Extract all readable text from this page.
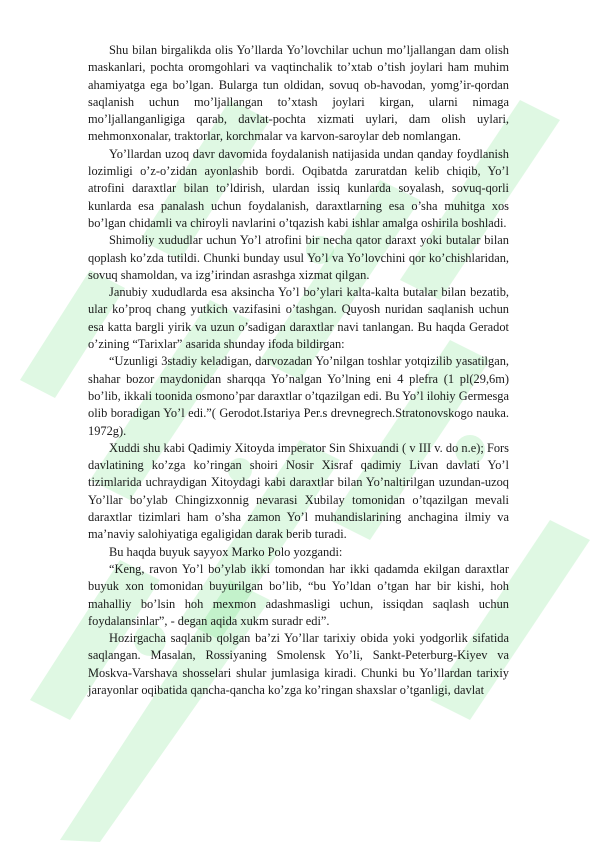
Shu bilan birgalikda olis Yo’llarda Yo’lovchilar uchun mo’ljallangan dam olish maskanlari, pochta oromgohlari va vaqtinchalik to’xtab o’tish joylari ham muhim ahamiyatga ega bo’lgan. Bularga tun oldidan, sovuq ob-havodan, yomg’ir-qordan saqlanish uchun mo’ljallangan to’xtash joylari kirgan, ularni nimaga mo’ljallanganligiga qarab, davlat-pochta xizmati uylari, dam olish uylari, mehmonxonalar, traktorlar, korchmalar va karvon-saroylar deb nomlangan.

Yo’llardan uzoq davr davomida foydalanish natijasida undan qanday foydlanish lozimligi o’z-o’zidan ayonlashib bordi. Oqibatda zaruratdan kelib chiqib, Yo’l atrofini daraxtlar bilan to’ldirish, ulardan issiq kunlarda soyalash, sovuq-qorli kunlarda esa panalash uchun foydalanish, daraxtlarning esa o’sha muhitga xos bo’lgan chidamli va chiroyli navlarini o’tqazish kabi ishlar amalga oshirila boshladi.

Shimoliy xududlar uchun Yo’l atrofini bir necha qator daraxt yoki butalar bilan qoplash ko’zda tutildi. Chunki bunday usul Yo’l va Yo’lovchini qor ko’chishlaridan, sovuq shamoldan, va izg’irindan asrashga xizmat qilgan.

Janubiy xududlarda esa aksincha Yo’l bo’ylari kalta-kalta butalar bilan bezatib, ular ko’proq chang yutkich vazifasini o’tashgan. Quyosh nuridan saqlanish uchun esa katta bargli yirik va uzun o’sadigan daraxtlar navi tanlangan. Bu haqda Geradot o’zining “Tarixlar” asarida shunday ifoda bildirgan:

“Uzunligi 3stadiy keladigan, darvozadan Yo’nilgan toshlar yotqizilib yasatilgan, shahar bozor maydonidan sharqqa Yo’nalgan Yo’lning eni 4 plefra (1 pl(29,6m) bo’lib, ikkali toonida osmono’par daraxtlar o’tqazilgan edi. Bu Yo’l ilohiy Germesga olib boradigan Yo’l edi.”( Gerodot.Istariya Per.s drevnegrech.Stratonovskogo nauka. 1972g).

Xuddi shu kabi Qadimiy Xitoyda imperator Sin Shixuandi ( v III v. do n.e); Fors davlatining ko’zga ko’ringan shoiri Nosir Xisraf qadimiy Livan davlati Yo’l tizimlarida uchraydigan Xitoydagi kabi daraxtlar bilan Yo’naltirilgan uzundan-uzoq Yo’llar bo’ylab Chingizxonnig nevarasi Xubilay tomonidan o’tqazilgan mevali daraxtlar tizimlari ham o’sha zamon Yo’l muhandislarining anchagina ilmiy va ma’naviy salohiyatiga egaligidan darak berib turadi.

Bu haqda buyuk sayyox Marko Polo yozgandi:

“Keng, ravon Yo’l bo’ylab ikki tomondan har ikki qadamda ekilgan daraxtlar buyuk xon tomonidan buyurilgan bo’lib, “bu Yo’ldan o’tgan har bir kishi, hoh mahalliy bo’lsin hoh mexmon adashmasligi uchun, issiqdan saqlash uchun foydalansinlar”, - degan aqida xukm suradr edi”.

Hozirgacha saqlanib qolgan ba’zi Yo’llar tarixiy obida yoki yodgorlik sifatida saqlangan. Masalan, Rossiyaning Smolensk Yo’li, Sankt-Peterburg-Kiyev va Moskva-Varshava shosselari shular jumlasiga kiradi. Chunki bu Yo’llardan tarixiy jarayonlar oqibatida qancha-qancha ko’zga ko’ringan shaxslar o’tganligi, davlat
